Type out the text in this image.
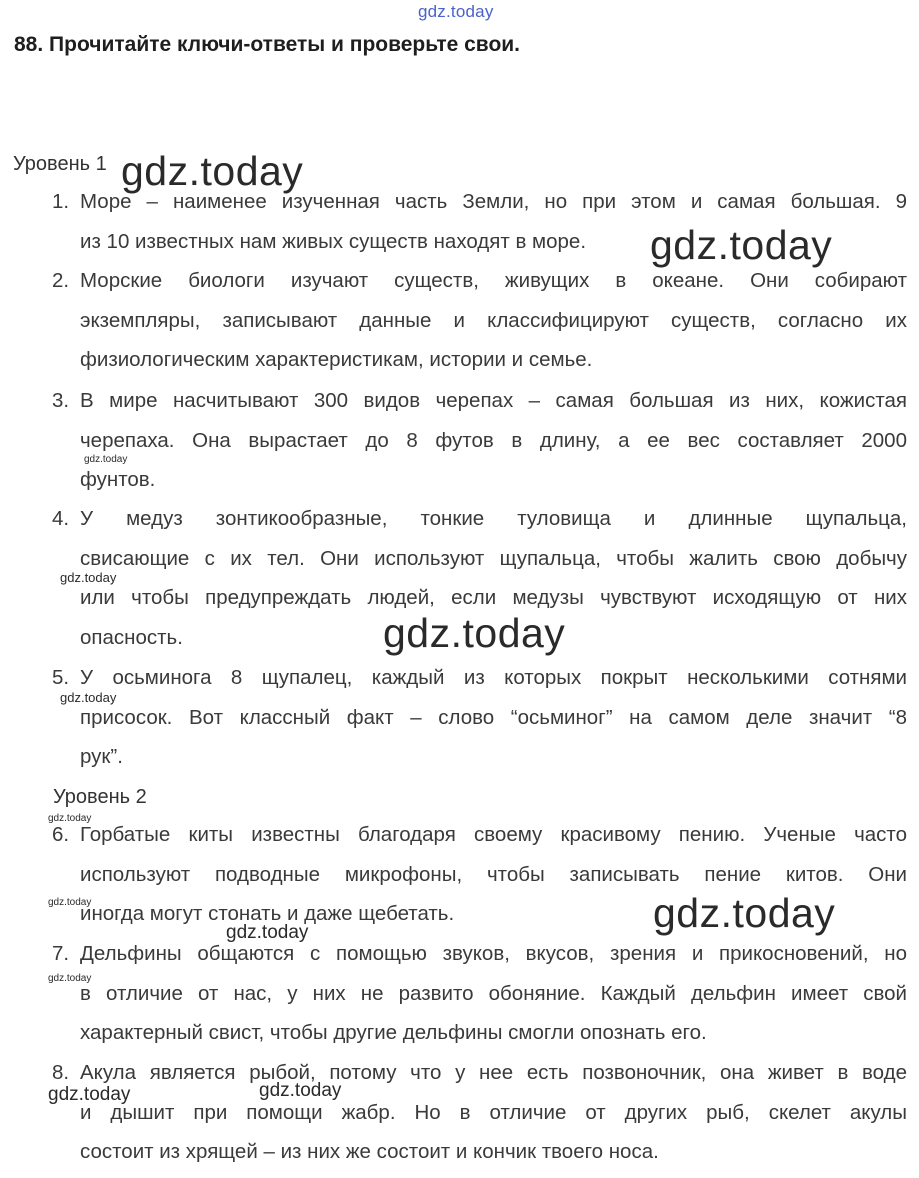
gdz.today
88. Прочитайте ключи-ответы и проверьте свои.
Уровень 1
1. Море – наименее изученная часть Земли, но при этом и самая большая. 9
из 10 известных нам живых существ находят в море.
2. Морские биологи изучают существ, живущих в океане. Они собирают
экземпляры, записывают данные и классифицируют существ, согласно их
физиологическим характеристикам, истории и семье.
3. В мире насчитывают 300 видов черепах – самая большая из них, кожистая
черепаха. Она вырастает до 8 футов в длину, а ее вес составляет 2000
фунтов.
4. У медуз зонтикообразные, тонкие туловища и длинные щупальца,
свисающие с их тел. Они используют щупальца, чтобы жалить свою добычу
или чтобы предупреждать людей, если медузы чувствуют исходящую от них
опасность.
5. У осьминога 8 щупалец, каждый из которых покрыт несколькими сотнями
присосок. Вот классный факт – слово “осьминог” на самом деле значит “8
рук”.
Уровень 2
6. Горбатые киты известны благодаря своему красивому пению. Ученые часто
используют подводные микрофоны, чтобы записывать пение китов. Они
иногда могут стонать и даже щебетать.
7. Дельфины общаются с помощью звуков, вкусов, зрения и прикосновений, но
в отличие от нас, у них не развито обоняние. Каждый дельфин имеет свой
характерный свист, чтобы другие дельфины смогли опознать его.
8. Акула является рыбой, потому что у нее есть позвоночник, она живет в воде
и дышит при помощи жабр. Но в отличие от других рыб, скелет акулы
состоит из хрящей – из них же состоит и кончик твоего носа.
gdz.today
gdz.today
gdz.today
gdz.today
gdz.today
gdz.today
gdz.today
gdz.today	gdz.today
gdz.today
gdz.today
gdz.today	gdz.today
